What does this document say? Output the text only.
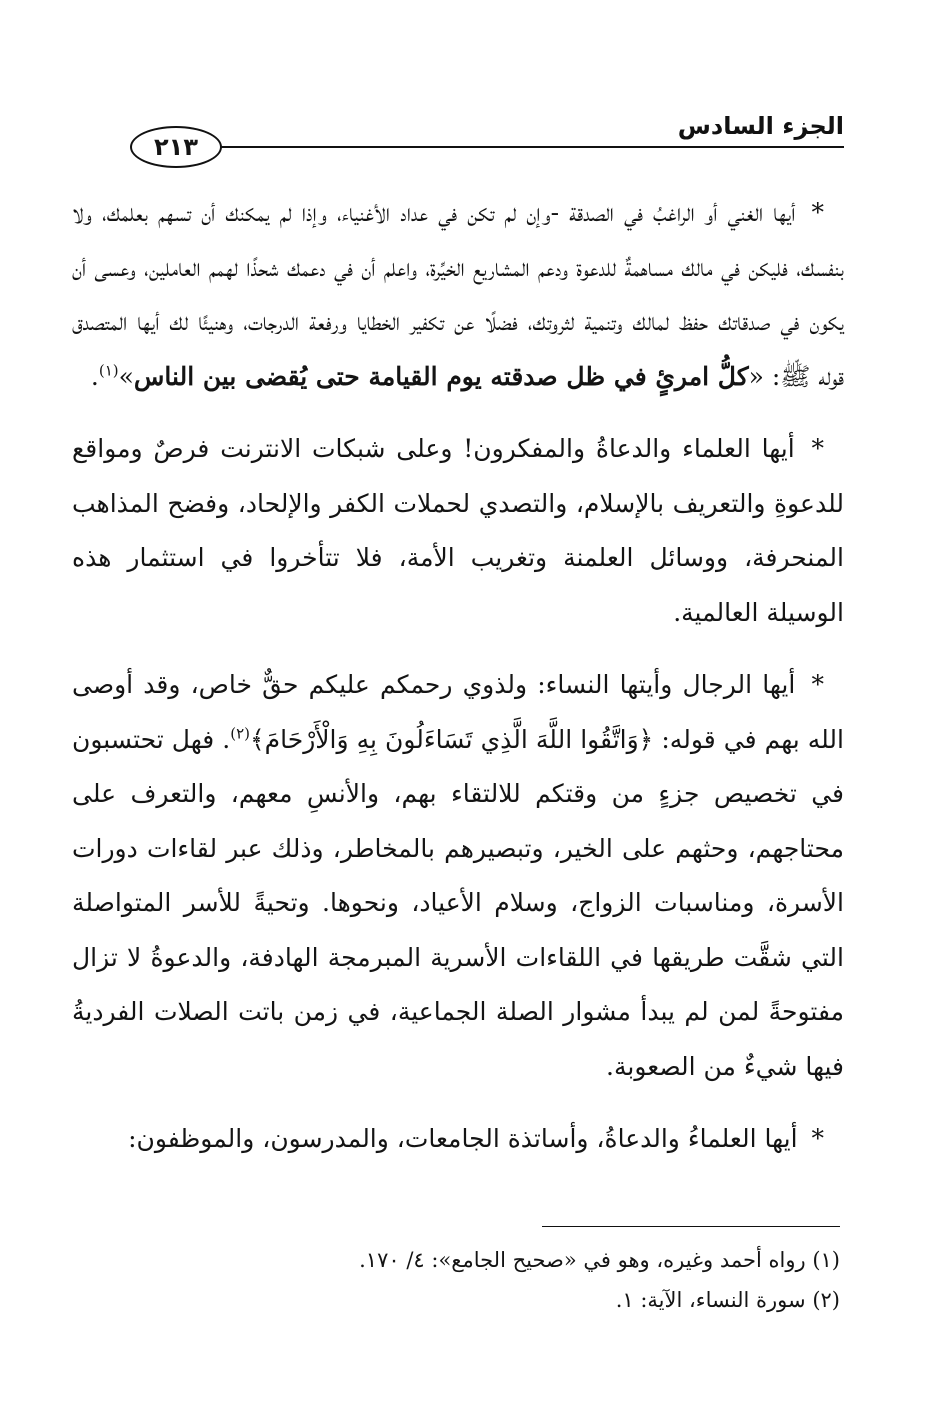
الجزء السادس
٢١٣

* أيها الغني أو الراغبُ في الصدقة -وإن لم تكن في عداد الأغنياء، وإذا لم يمكنك أن تسهم بعلمك، ولا بنفسك، فليكن في مالك مساهمةٌ للدعوة ودعم المشاريع الخيِّرة، واعلم أن في دعمك شحذًا لهمم العاملين، وعسى أن يكون في صدقاتك حفظ لمالك وتنمية لثروتك، فضلًا عن تكفير الخطايا ورفعة الدرجات، وهنيئًا لك أيها المتصدق قوله ﷺ: «كلُّ امرئٍ في ظل صدقته يوم القيامة حتى يُقضى بين الناس»$^{(١)}$.

* أيها العلماء والدعاةُ والمفكرون! وعلى شبكات الانترنت فرصٌ ومواقع للدعوةِ والتعريف بالإسلام، والتصدي لحملات الكفر والإلحاد، وفضح المذاهب المنحرفة، ووسائل العلمنة وتغريب الأمة، فلا تتأخروا في استثمار هذه الوسيلة العالمية.

* أيها الرجال وأيتها النساء: ولذوي رحمكم عليكم حقٌّ خاص، وقد أوصى الله بهم في قوله: ﴿وَاتَّقُوا اللَّهَ الَّذِي تَسَاءَلُونَ بِهِ وَالْأَرْحَامَ﴾$^{(٢)}$. فهل تحتسبون في تخصيص جزءٍ من وقتكم للالتقاء بهم، والأنسِ معهم، والتعرف على محتاجهم، وحثهم على الخير، وتبصيرهم بالمخاطر، وذلك عبر لقاءات دورات الأسرة، ومناسبات الزواج، وسلام الأعياد، ونحوها. وتحيةً للأسر المتواصلة التي شقَّت طريقها في اللقاءات الأسرية المبرمجة الهادفة، والدعوةُ لا تزال مفتوحةً لمن لم يبدأ مشوار الصلة الجماعية، في زمن باتت الصلات الفرديةُ فيها شيءٌ من الصعوبة.

* أيها العلماءُ والدعاةُ، وأساتذة الجامعات، والمدرسون، والموظفون:

(١) رواه أحمد وغيره، وهو في «صحيح الجامع»: ٤/ ١٧٠.

(٢) سورة النساء، الآية: ١.
